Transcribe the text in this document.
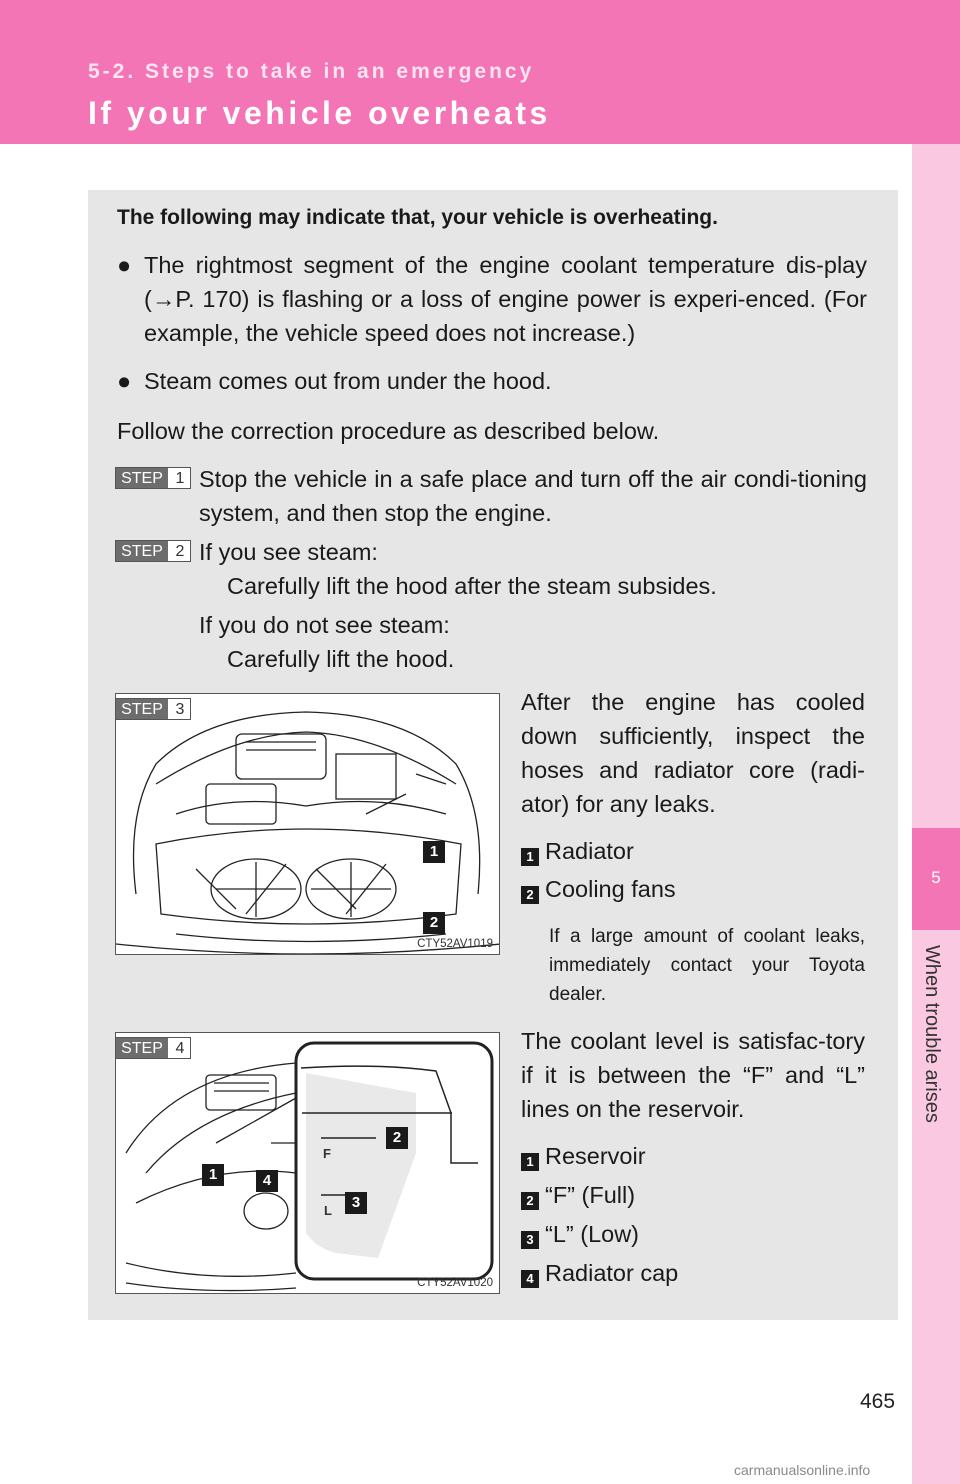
5-2. Steps to take in an emergency
If your vehicle overheats
5
When trouble arises
The following may indicate that, your vehicle is overheating.
● The rightmost segment of the engine coolant temperature dis-play (→P. 170) is flashing or a loss of engine power is experi-enced. (For example, the vehicle speed does not increase.)
● Steam comes out from under the hood.
Follow the correction procedure as described below.
STEP 1 Stop the vehicle in a safe place and turn off the air condi-tioning system, and then stop the engine.
STEP 2 If you see steam:
Carefully lift the hood after the steam subsides.
If you do not see steam:
Carefully lift the hood.
STEP 3
1
2
CTY52AV1019
After the engine has cooled down sufficiently, inspect the hoses and radiator core (radi-ator) for any leaks.
1 Radiator
2 Cooling fans
If a large amount of coolant leaks, immediately contact your Toyota dealer.
F
L
STEP 4
1	4
2
3
CTY52AV1020
The coolant level is satisfac-tory if it is between the “F” and “L” lines on the reservoir.
1 Reservoir
2 “F” (Full)
3 “L” (Low)
4 Radiator cap
465
carmanualsonline.info
